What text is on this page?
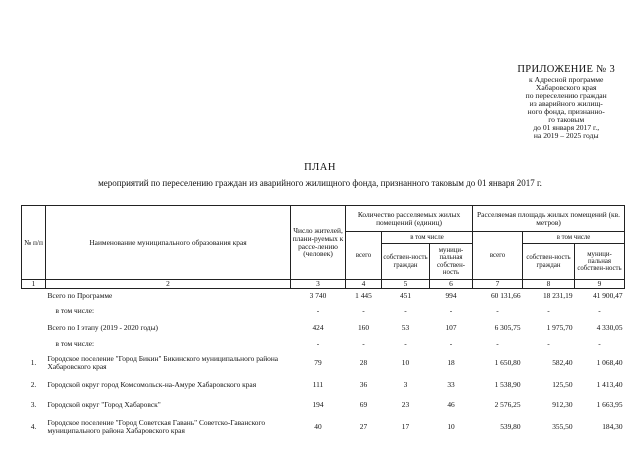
ПРИЛОЖЕНИЕ № 3
к Адресной программе
Хабаровского края
по переселению граждан
из аварийного жилищ-
ного фонда, признанно-
го таковым
до 01 января 2017 г.,
на 2019 – 2025 годы
ПЛАН
мероприятий по переселению граждан из аварийного жилищного фонда, признанного таковым до 01 января 2017 г.
№ п/п	Наименование муниципального образования края	Число жителей, плани-руемых к рассе-лению (человек)	Количество расселяемых жилых помещений (единиц)			Расселяемая площадь жилых помещений (кв. метров)		
			всего	в том числе		всего	в том числе	
				собствен-ность граждан	муници-пальная собствен-ность		собствен-ность граждан	муници-пальная собствен-ность
1	2	3	4	5	6	7	8	9
	Всего по Программе	3 740	1 445	451	994	60 131,66	18 231,19	41 900,47
	в том числе:	-	-	-	-	-	-	-
	Всего по I этапу (2019 - 2020 годы)	424	160	53	107	6 305,75	1 975,70	4 330,05
	в том числе:	-	-	-	-	-	-	-
1.	Городское поселение "Город Бикин" Бикинского муниципального района Хабаровского края	79	28	10	18	1 650,80	582,40	1 068,40
2.	Городской округ город Комсомольск-на-Амуре Хабаровского края	111	36	3	33	1 538,90	125,50	1 413,40
3.	Городской округ "Город Хабаровск"	194	69	23	46	2 576,25	912,30	1 663,95
4.	Городское поселение "Город Советская Гавань" Советско-Гаванского муниципального района Хабаровского края	40	27	17	10	539,80	355,50	184,30
